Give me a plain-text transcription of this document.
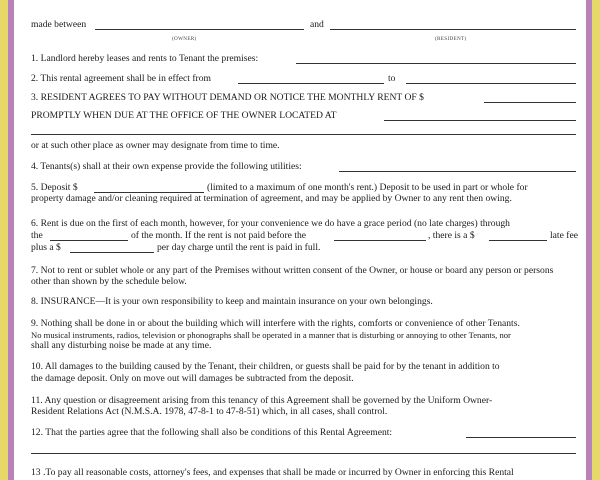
made between
(OWNER)
and
(RESIDENT)
1. Landlord hereby leases and rents to Tenant the premises:
2. This rental agreement shall be in effect from	to
3. RESIDENT AGREES TO PAY WITHOUT DEMAND OR NOTICE THE MONTHLY RENT OF $
PROMPTLY WHEN DUE AT THE OFFICE OF THE OWNER LOCATED AT
or at such other place as owner may designate from time to time.
4. Tenants(s) shall at their own expense provide the following utilities:
5. Deposit $	(limited to a maximum of one month's rent.) Deposit to be used in part or whole for
property damage and/or cleaning required at termination of agreement, and may be applied by Owner to any rent then owing.
6. Rent is due on the first of each month, however, for your convenience we do have a grace period (no late charges) through
the	of the month. If the rent is not paid before the	, there is a $	late fee
plus a $	per day charge until the rent is paid in full.
7. Not to rent or sublet whole or any part of the Premises without written consent of the Owner, or house or board any person or persons
other than shown by the schedule below.
8. INSURANCE—It is your own responsibility to keep and maintain insurance on your own belongings.
9. Nothing shall be done in or about the building which will interfere with the rights, comforts or convenience of other Tenants.
No musical instruments, radios, television or phonographs shall be operated in a manner that is disturbing or annoying to other Tenants, nor
shall any disturbing noise be made at any time.
10. All damages to the building caused by the Tenant, their children, or guests shall be paid for by the tenant in addition to
the damage deposit. Only on move out will damages be subtracted from the deposit.
11. Any question or disagreement arising from this tenancy of this Agreement shall be governed by the Uniform Owner-
Resident Relations Act (N.M.S.A. 1978, 47-8-1 to 47-8-51) which, in all cases, shall control.
12. That the parties agree that the following shall also be conditions of this Rental Agreement:
13 .To pay all reasonable costs, attorney's fees, and expenses that shall be made or incurred by Owner in enforcing this Rental
